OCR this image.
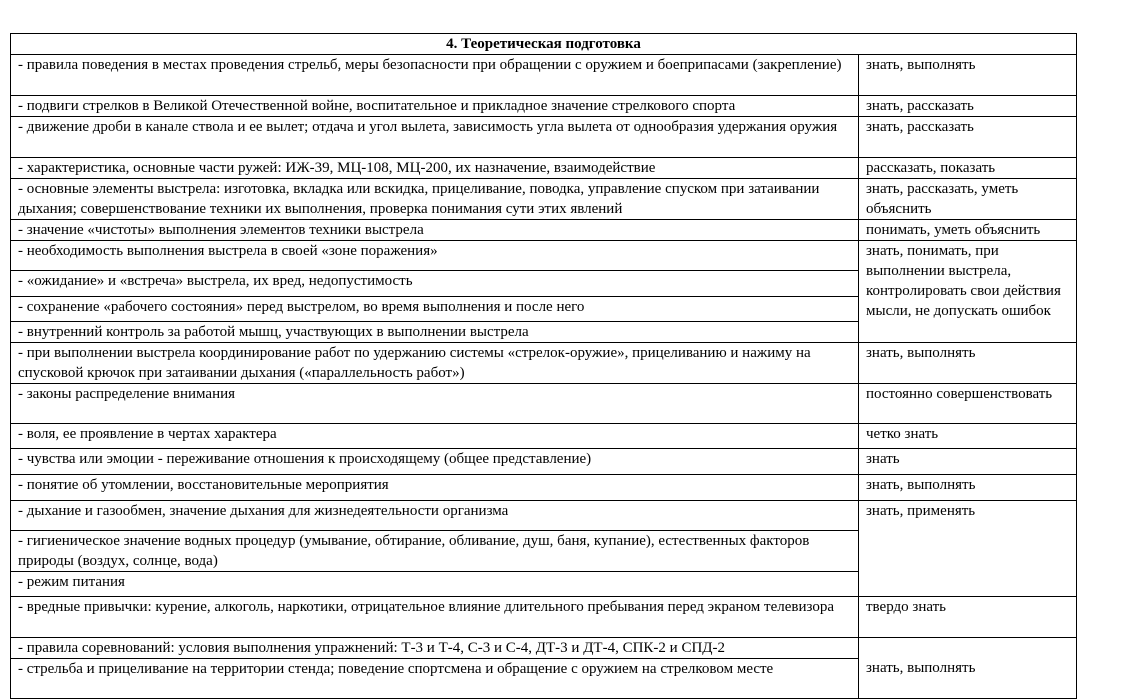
4. Теоретическая подготовка	
- правила поведения в местах проведения стрельб, меры безопасности при обращении с оружием и боеприпасами (закрепление)	знать, выполнять
- подвиги стрелков в Великой Отечественной войне, воспитательное и прикладное значение стрелкового спорта	знать, рассказать
- движение дроби в канале ствола и ее вылет; отдача и угол вылета, зависимость угла вылета от однообразия удержания оружия	знать, рассказать
- характеристика, основные части ружей: ИЖ-39, МЦ-108, МЦ-200, их назначение, взаимодействие	рассказать, показать
- основные элементы выстрела: изготовка, вкладка или вскидка, прицеливание, поводка, управление спуском при затаивании дыхания; совершенствование техники их выполнения, проверка понимания сути этих явлений	знать, рассказать, уметь объяснить
- значение «чистоты» выполнения элементов техники выстрела	понимать, уметь объяснить
- необходимость выполнения выстрела в своей «зоне поражения»	знать, понимать, при выполнении выстрела, контролировать свои действия мысли, не допускать ошибок
- «ожидание» и «встреча» выстрела, их вред, недопустимость	
- сохранение «рабочего состояния» перед выстрелом, во время выполнения и после него	
- внутренний контроль за работой мышц, участвующих в выполнении выстрела	
- при выполнении выстрела координирование работ по удержанию системы «стрелок-оружие», прицеливанию и нажиму на спусковой крючок при затаивании дыхания («параллельность работ»)	знать, выполнять
- законы распределение внимания	постоянно совершенствовать
- воля, ее проявление в чертах характера	четко знать
- чувства или эмоции - переживание отношения к происходящему (общее представление)	знать
- понятие об утомлении, восстановительные мероприятия	знать, выполнять
- дыхание и газообмен, значение дыхания для жизнедеятельности организма	знать, применять
- гигиеническое значение водных процедур (умывание, обтирание, обливание, душ, баня, купание), естественных факторов природы (воздух, солнце, вода)	
- режим питания	
- вредные привычки: курение, алкоголь, наркотики, отрицательное влияние длительного пребывания перед экраном телевизора	твердо знать
- правила соревнований: условия выполнения упражнений: Т-3 и Т-4, С-3 и С-4, ДТ-3 и ДТ-4, СПК-2 и СПД-2	знать, выполнять
- стрельба и прицеливание на территории стенда; поведение спортсмена и обращение с оружием на стрелковом месте	
